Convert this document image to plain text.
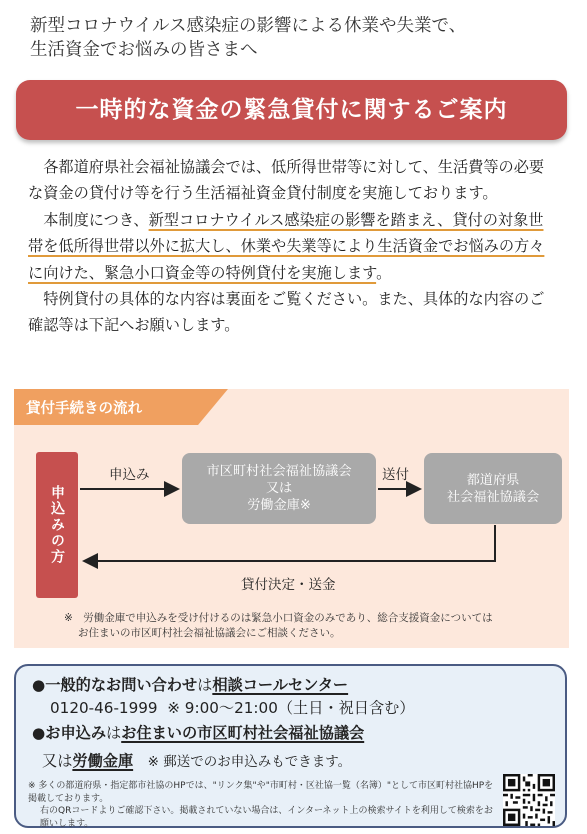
新型コロナウイルス感染症の影響による休業や失業で、
生活資金でお悩みの皆さまへ
一時的な資金の緊急貸付に関するご案内

各都道府県社会福祉協議会では、低所得世帯等に対して、生活費等の必要な資金の貸付け等を行う生活福祉資金貸付制度を実施しております。

本制度につき、新型コロナウイルス感染症の影響を踏まえ、貸付の対象世帯を低所得世帯以外に拡大し、休業や失業等により生活資金でお悩みの方々に向けた、緊急小口資金等の特例貸付を実施します。

特例貸付の具体的な内容は裏面をご覧ください。また、具体的な内容のご確認等は下記へお願いします。

貸付手続きの流れ
申込みの方
申込み	市区町村社会福祉協議会
又は
労働金庫※
送付	都道府県
社会福祉協議会
貸付決定・送金
※　労働金庫で申込みを受け付けるのは緊急小口資金のみであり、総合支援資金については
お住まいの市区町村社会福祉協議会にご相談ください。
●一般的なお問い合わせは相談コールセンター
0120-46-1999 ※ 9:00～21:00（土日・祝日含む）
●お申込みはお住まいの市区町村社会福祉協議会
又は労働金庫 ※ 郵送でのお申込みもできます。
※ 多くの都道府県・指定都市社協のHPでは、"リンク集"や"市町村・区社協一覧（名簿）"として市区町村社協HPを掲載しております。
右のQRコードよりご確認下さい。掲載されていない場合は、インターネット上の検索サイトを利用して検索をお願いします。
